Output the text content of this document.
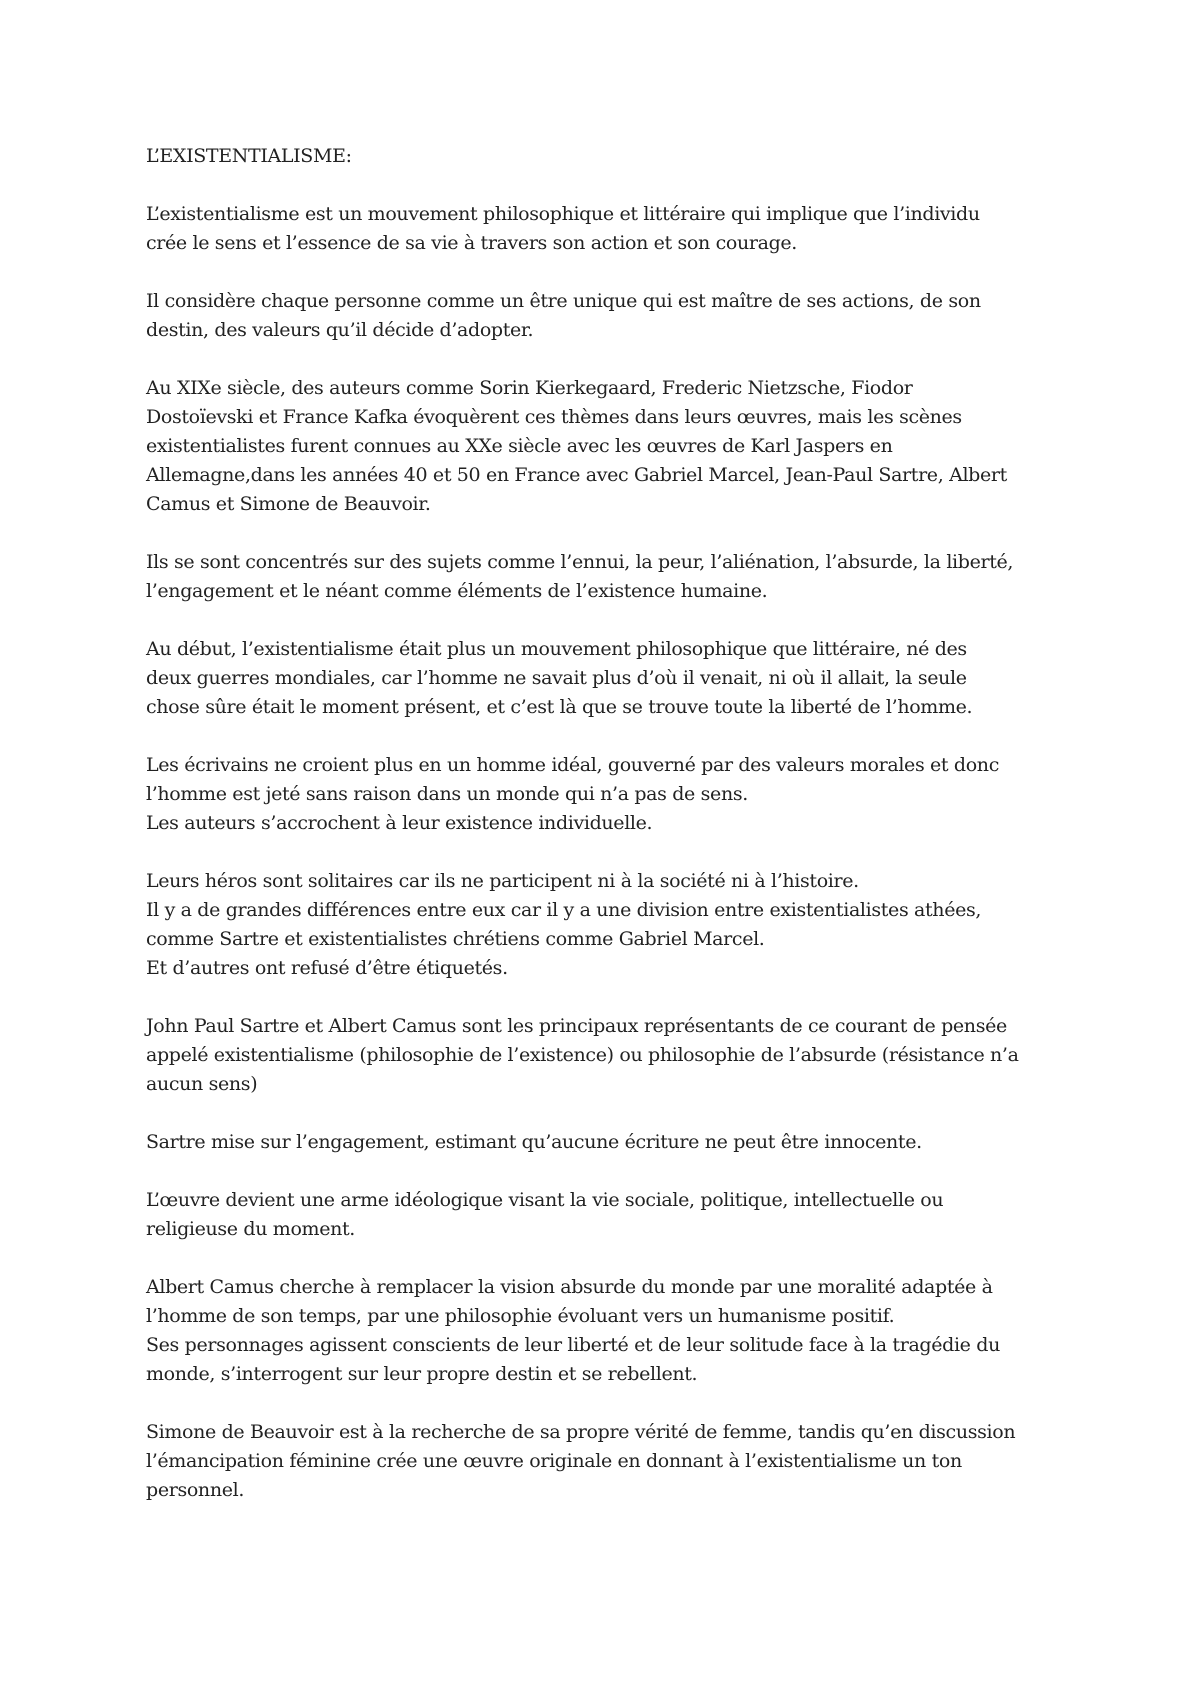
L’EXISTENTIALISME:
L’existentialisme est un mouvement philosophique et littéraire qui implique que l’individu
crée le sens et l’essence de sa vie à travers son action et son courage.
Il considère chaque personne comme un être unique qui est maître de ses actions, de son
destin, des valeurs qu’il décide d’adopter.
Au XIXe siècle, des auteurs comme Sorin Kierkegaard, Frederic Nietzsche, Fiodor
Dostoïevski et France Kafka évoquèrent ces thèmes dans leurs œuvres, mais les scènes
existentialistes furent connues au XXe siècle avec les œuvres de Karl Jaspers en
Allemagne,dans les années 40 et 50 en France avec Gabriel Marcel, Jean-Paul Sartre, Albert
Camus et Simone de Beauvoir.
Ils se sont concentrés sur des sujets comme l’ennui, la peur, l’aliénation, l’absurde, la liberté,
l’engagement et le néant comme éléments de l’existence humaine.
Au début, l’existentialisme était plus un mouvement philosophique que littéraire, né des
deux guerres mondiales, car l’homme ne savait plus d’où il venait, ni où il allait, la seule
chose sûre était le moment présent, et c’est là que se trouve toute la liberté de l’homme.
Les écrivains ne croient plus en un homme idéal, gouverné par des valeurs morales et donc
l’homme est jeté sans raison dans un monde qui n’a pas de sens.
Les auteurs s’accrochent à leur existence individuelle.
Leurs héros sont solitaires car ils ne participent ni à la société ni à l’histoire.
Il y a de grandes différences entre eux car il y a une division entre existentialistes athées,
comme Sartre et existentialistes chrétiens comme Gabriel Marcel.
Et d’autres ont refusé d’être étiquetés.
John Paul Sartre et Albert Camus sont les principaux représentants de ce courant de pensée
appelé existentialisme (philosophie de l’existence) ou philosophie de l’absurde (résistance n’a
aucun sens)
Sartre mise sur l’engagement, estimant qu’aucune écriture ne peut être innocente.
L’œuvre devient une arme idéologique visant la vie sociale, politique, intellectuelle ou
religieuse du moment.
Albert Camus cherche à remplacer la vision absurde du monde par une moralité adaptée à
l’homme de son temps, par une philosophie évoluant vers un humanisme positif.
Ses personnages agissent conscients de leur liberté et de leur solitude face à la tragédie du
monde, s’interrogent sur leur propre destin et se rebellent.
Simone de Beauvoir est à la recherche de sa propre vérité de femme, tandis qu’en discussion
l’émancipation féminine crée une œuvre originale en donnant à l’existentialisme un ton
personnel.
